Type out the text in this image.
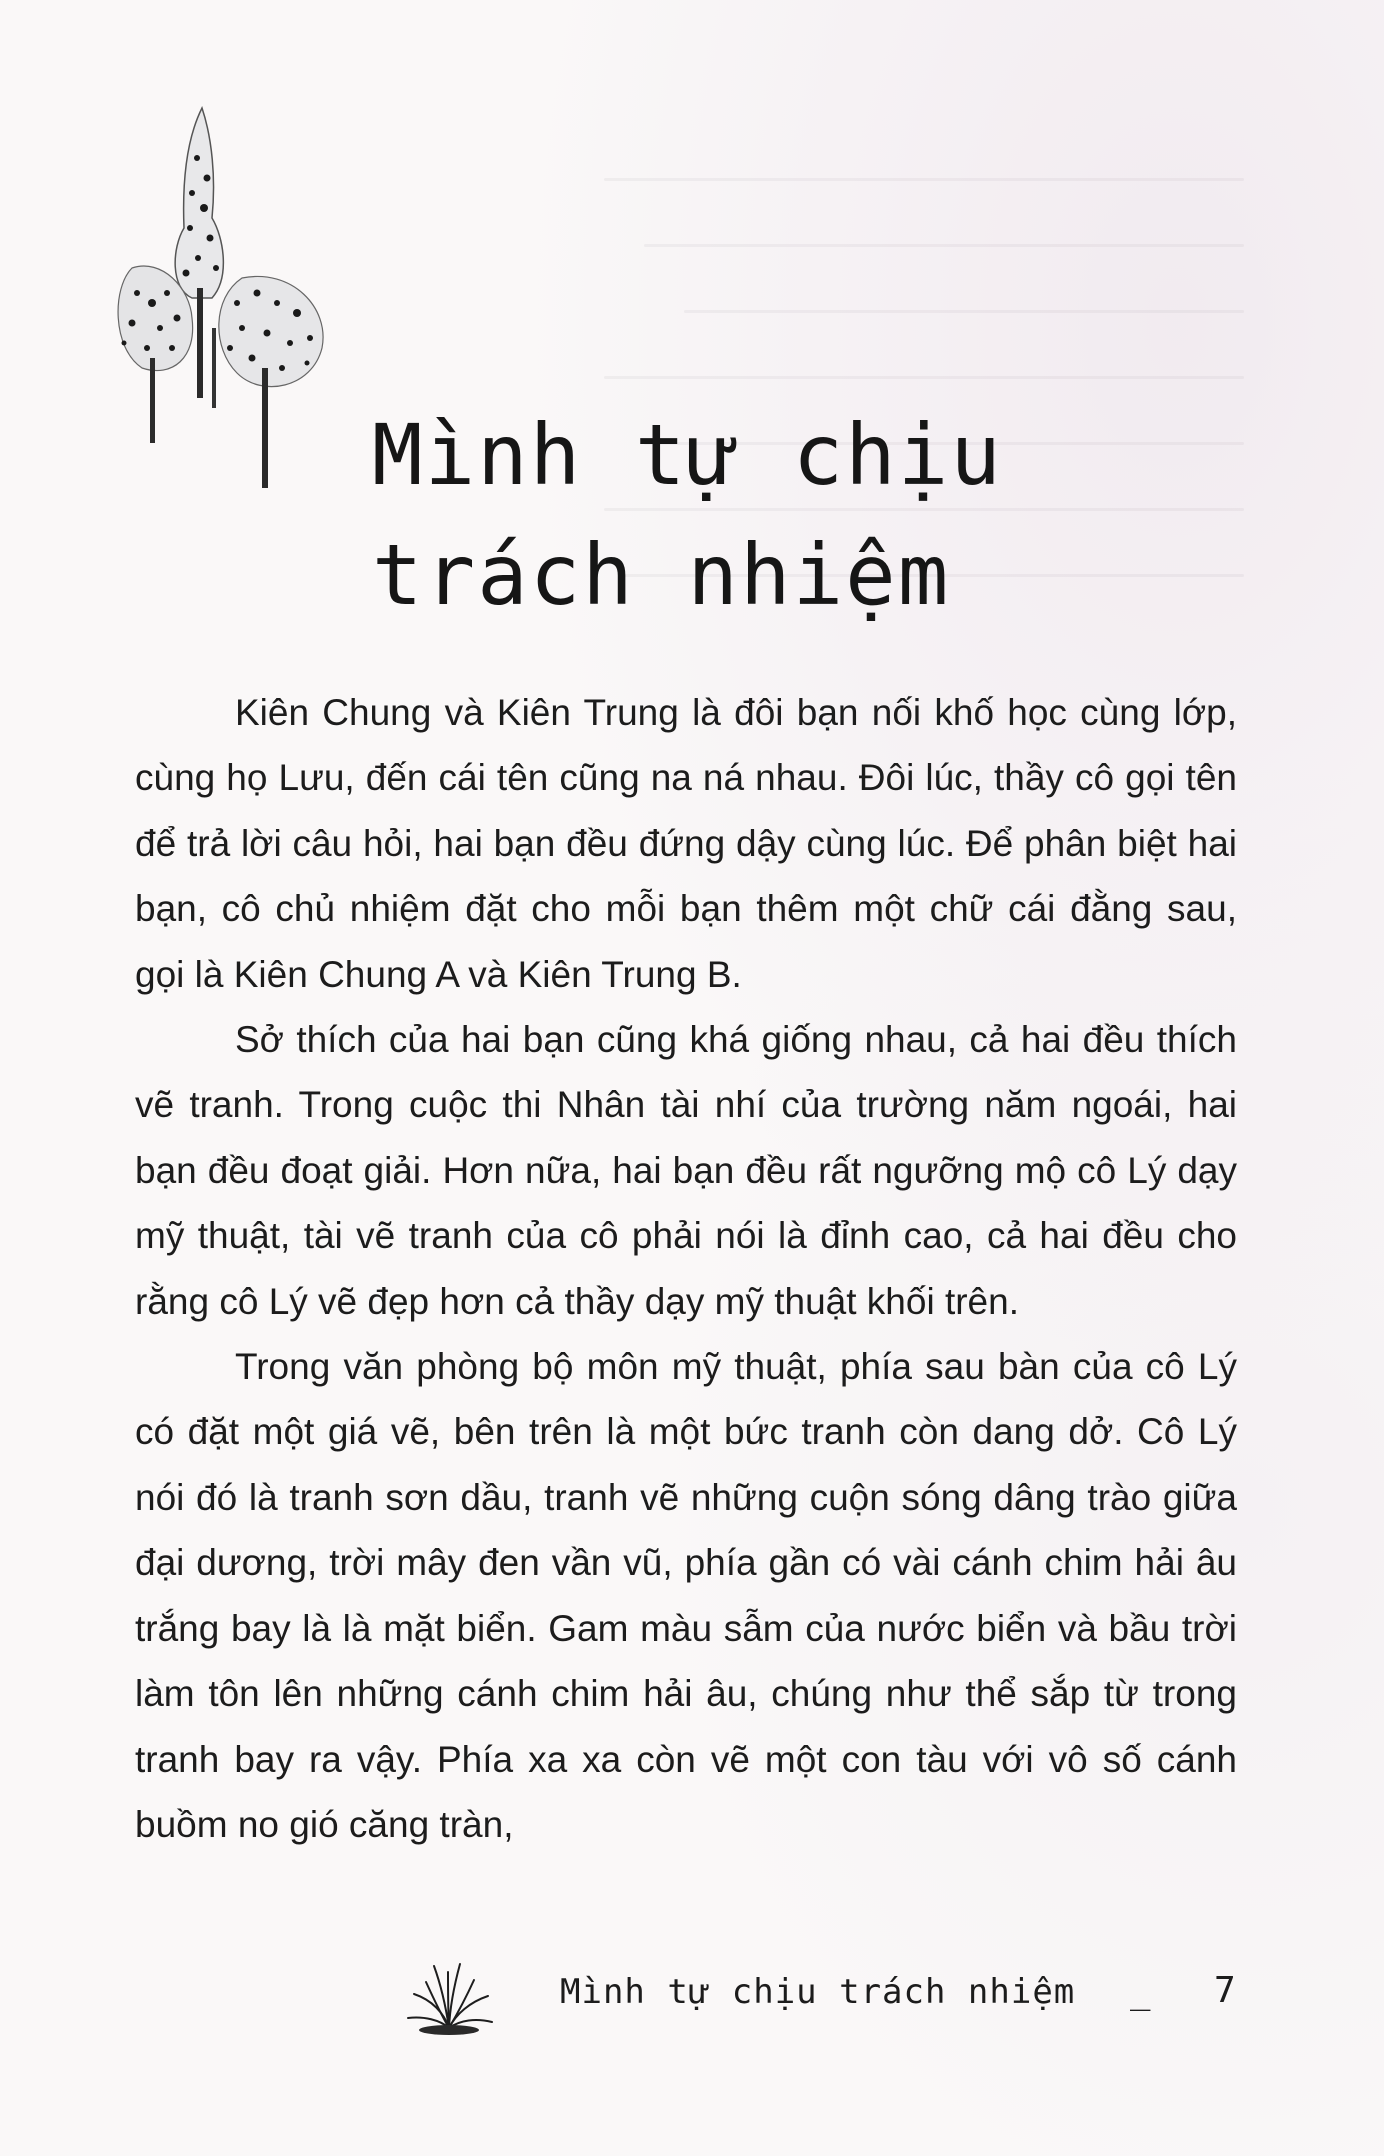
Mình tự chịu
trách nhiệm

Kiên Chung và Kiên Trung là đôi bạn nối khố học cùng lớp, cùng họ Lưu, đến cái tên cũng na ná nhau. Đôi lúc, thầy cô gọi tên để trả lời câu hỏi, hai bạn đều đứng dậy cùng lúc. Để phân biệt hai bạn, cô chủ nhiệm đặt cho mỗi bạn thêm một chữ cái đằng sau, gọi là Kiên Chung A và Kiên Trung B.

Sở thích của hai bạn cũng khá giống nhau, cả hai đều thích vẽ tranh. Trong cuộc thi Nhân tài nhí của trường năm ngoái, hai bạn đều đoạt giải. Hơn nữa, hai bạn đều rất ngưỡng mộ cô Lý dạy mỹ thuật, tài vẽ tranh của cô phải nói là đỉnh cao, cả hai đều cho rằng cô Lý vẽ đẹp hơn cả thầy dạy mỹ thuật khối trên.

Trong văn phòng bộ môn mỹ thuật, phía sau bàn của cô Lý có đặt một giá vẽ, bên trên là một bức tranh còn dang dở. Cô Lý nói đó là tranh sơn dầu, tranh vẽ những cuộn sóng dâng trào giữa đại dương, trời mây đen vần vũ, phía gần có vài cánh chim hải âu trắng bay là là mặt biển. Gam màu sẫm của nước biển và bầu trời làm tôn lên những cánh chim hải âu, chúng như thể sắp từ trong tranh bay ra vậy. Phía xa xa còn vẽ một con tàu với vô số cánh buồm no gió căng tràn,

Mình tự chịu trách nhiệm _ 7
